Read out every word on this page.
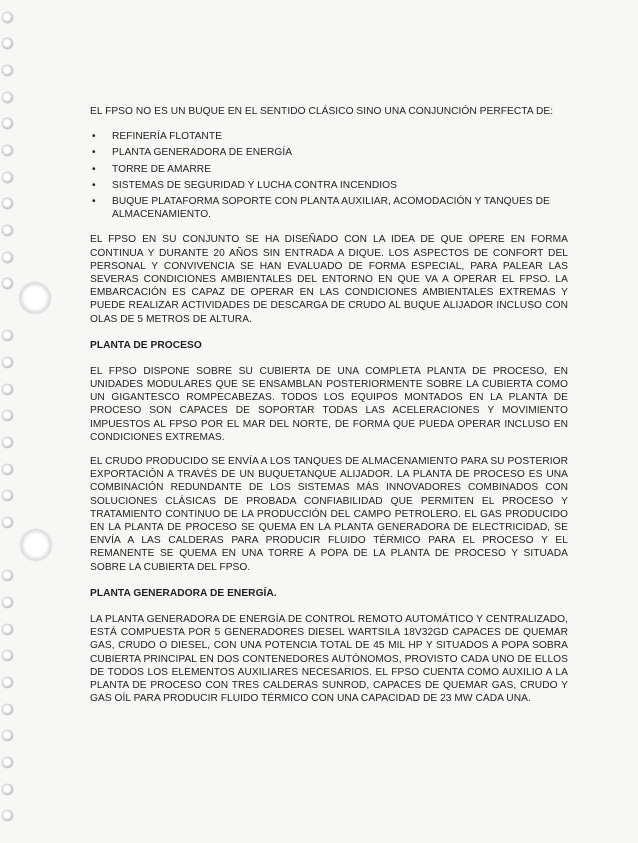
EL FPSO NO ES UN BUQUE EN EL SENTIDO CLÁSICO SINO UNA CONJUNCIÓN PERFECTA DE:

• REFINERÍA FLOTANTE
• PLANTA GENERADORA DE ENERGÍA
• TORRE DE AMARRE
• SISTEMAS DE SEGURIDAD Y LUCHA CONTRA INCENDIOS
• BUQUE PLATAFORMA SOPORTE CON PLANTA AUXILIAR, ACOMODACIÓN Y TANQUES DE ALMACENAMIENTO.

EL FPSO EN SU CONJUNTO SE HA DISEÑADO CON LA IDEA DE QUE OPERE EN FORMA CONTINUA Y DURANTE 20 AÑOS SIN ENTRADA A DIQUE. LOS ASPECTOS DE CONFORT DEL PERSONAL Y CONVIVENCIA SE HAN EVALUADO DE FORMA ESPECIAL, PARA PALEAR LAS SEVERAS CONDICIONES AMBIENTALES DEL ENTORNO EN QUE VA A OPERAR EL FPSO. LA EMBARCACIÓN ES CAPAZ DE OPERAR EN LAS CONDICIONES AMBIENTALES EXTREMAS Y PUEDE REALIZAR ACTIVIDADES DE DESCARGA DE CRUDO AL BUQUE ALIJADOR INCLUSO CON OLAS DE 5 METROS DE ALTURA.

PLANTA DE PROCESO

EL FPSO DISPONE SOBRE SU CUBIERTA DE UNA COMPLETA PLANTA DE PROCESO, EN UNIDADES MODULARES QUE SE ENSAMBLAN POSTERIORMENTE SOBRE LA CUBIERTA COMO UN GIGANTESCO ROMPECABEZAS. TODOS LOS EQUIPOS MONTADOS EN LA PLANTA DE PROCESO SON CAPACES DE SOPORTAR TODAS LAS ACELERACIONES Y MOVIMIENTO IMPUESTOS AL FPSO POR EL MAR DEL NORTE, DE FORMA QUE PUEDA OPERAR INCLUSO EN CONDICIONES EXTREMAS.

EL CRUDO PRODUCIDO SE ENVÍA A LOS TANQUES DE ALMACENAMIENTO PARA SU POSTERIOR EXPORTACIÓN A TRAVÉS DE UN BUQUETANQUE ALIJADOR. LA PLANTA DE PROCESO ES UNA COMBINACIÓN REDUNDANTE DE LOS SISTEMAS MÁS INNOVADORES COMBINADOS CON SOLUCIONES CLÁSICAS DE PROBADA CONFIABILIDAD QUE PERMITEN EL PROCESO Y TRATAMIENTO CONTINUO DE LA PRODUCCIÓN DEL CAMPO PETROLERO. EL GAS PRODUCIDO EN LA PLANTA DE PROCESO SE QUEMA EN LA PLANTA GENERADORA DE ELECTRICIDAD, SE ENVÍA A LAS CALDERAS PARA PRODUCIR FLUIDO TÉRMICO PARA EL PROCESO Y EL REMANENTE SE QUEMA EN UNA TORRE A POPA DE LA PLANTA DE PROCESO Y SITUADA SOBRE LA CUBIERTA DEL FPSO.

PLANTA GENERADORA DE ENERGÍA.

LA PLANTA GENERADORA DE ENERGÍA DE CONTROL REMOTO AUTOMÁTICO Y CENTRALIZADO, ESTÁ COMPUESTA POR 5 GENERADORES DIESEL WARTSILA 18V32GD CAPACES DE QUEMAR GAS, CRUDO O DIESEL, CON UNA POTENCIA TOTAL DE 45 MIL HP Y SITUADOS A POPA SOBRA CUBIERTA PRINCIPAL EN DOS CONTENEDORES AUTÓNOMOS, PROVISTO CADA UNO DE ELLOS DE TODOS LOS ELEMENTOS AUXILIARES NECESARIOS. EL FPSO CUENTA COMO AUXILIO A LA PLANTA DE PROCESO CON TRES CALDERAS SUNROD, CAPACES DE QUEMAR GAS, CRUDO Y GAS OÍL PARA PRODUCIR FLUIDO TÉRMICO CON UNA CAPACIDAD DE 23 MW CADA UNA.
